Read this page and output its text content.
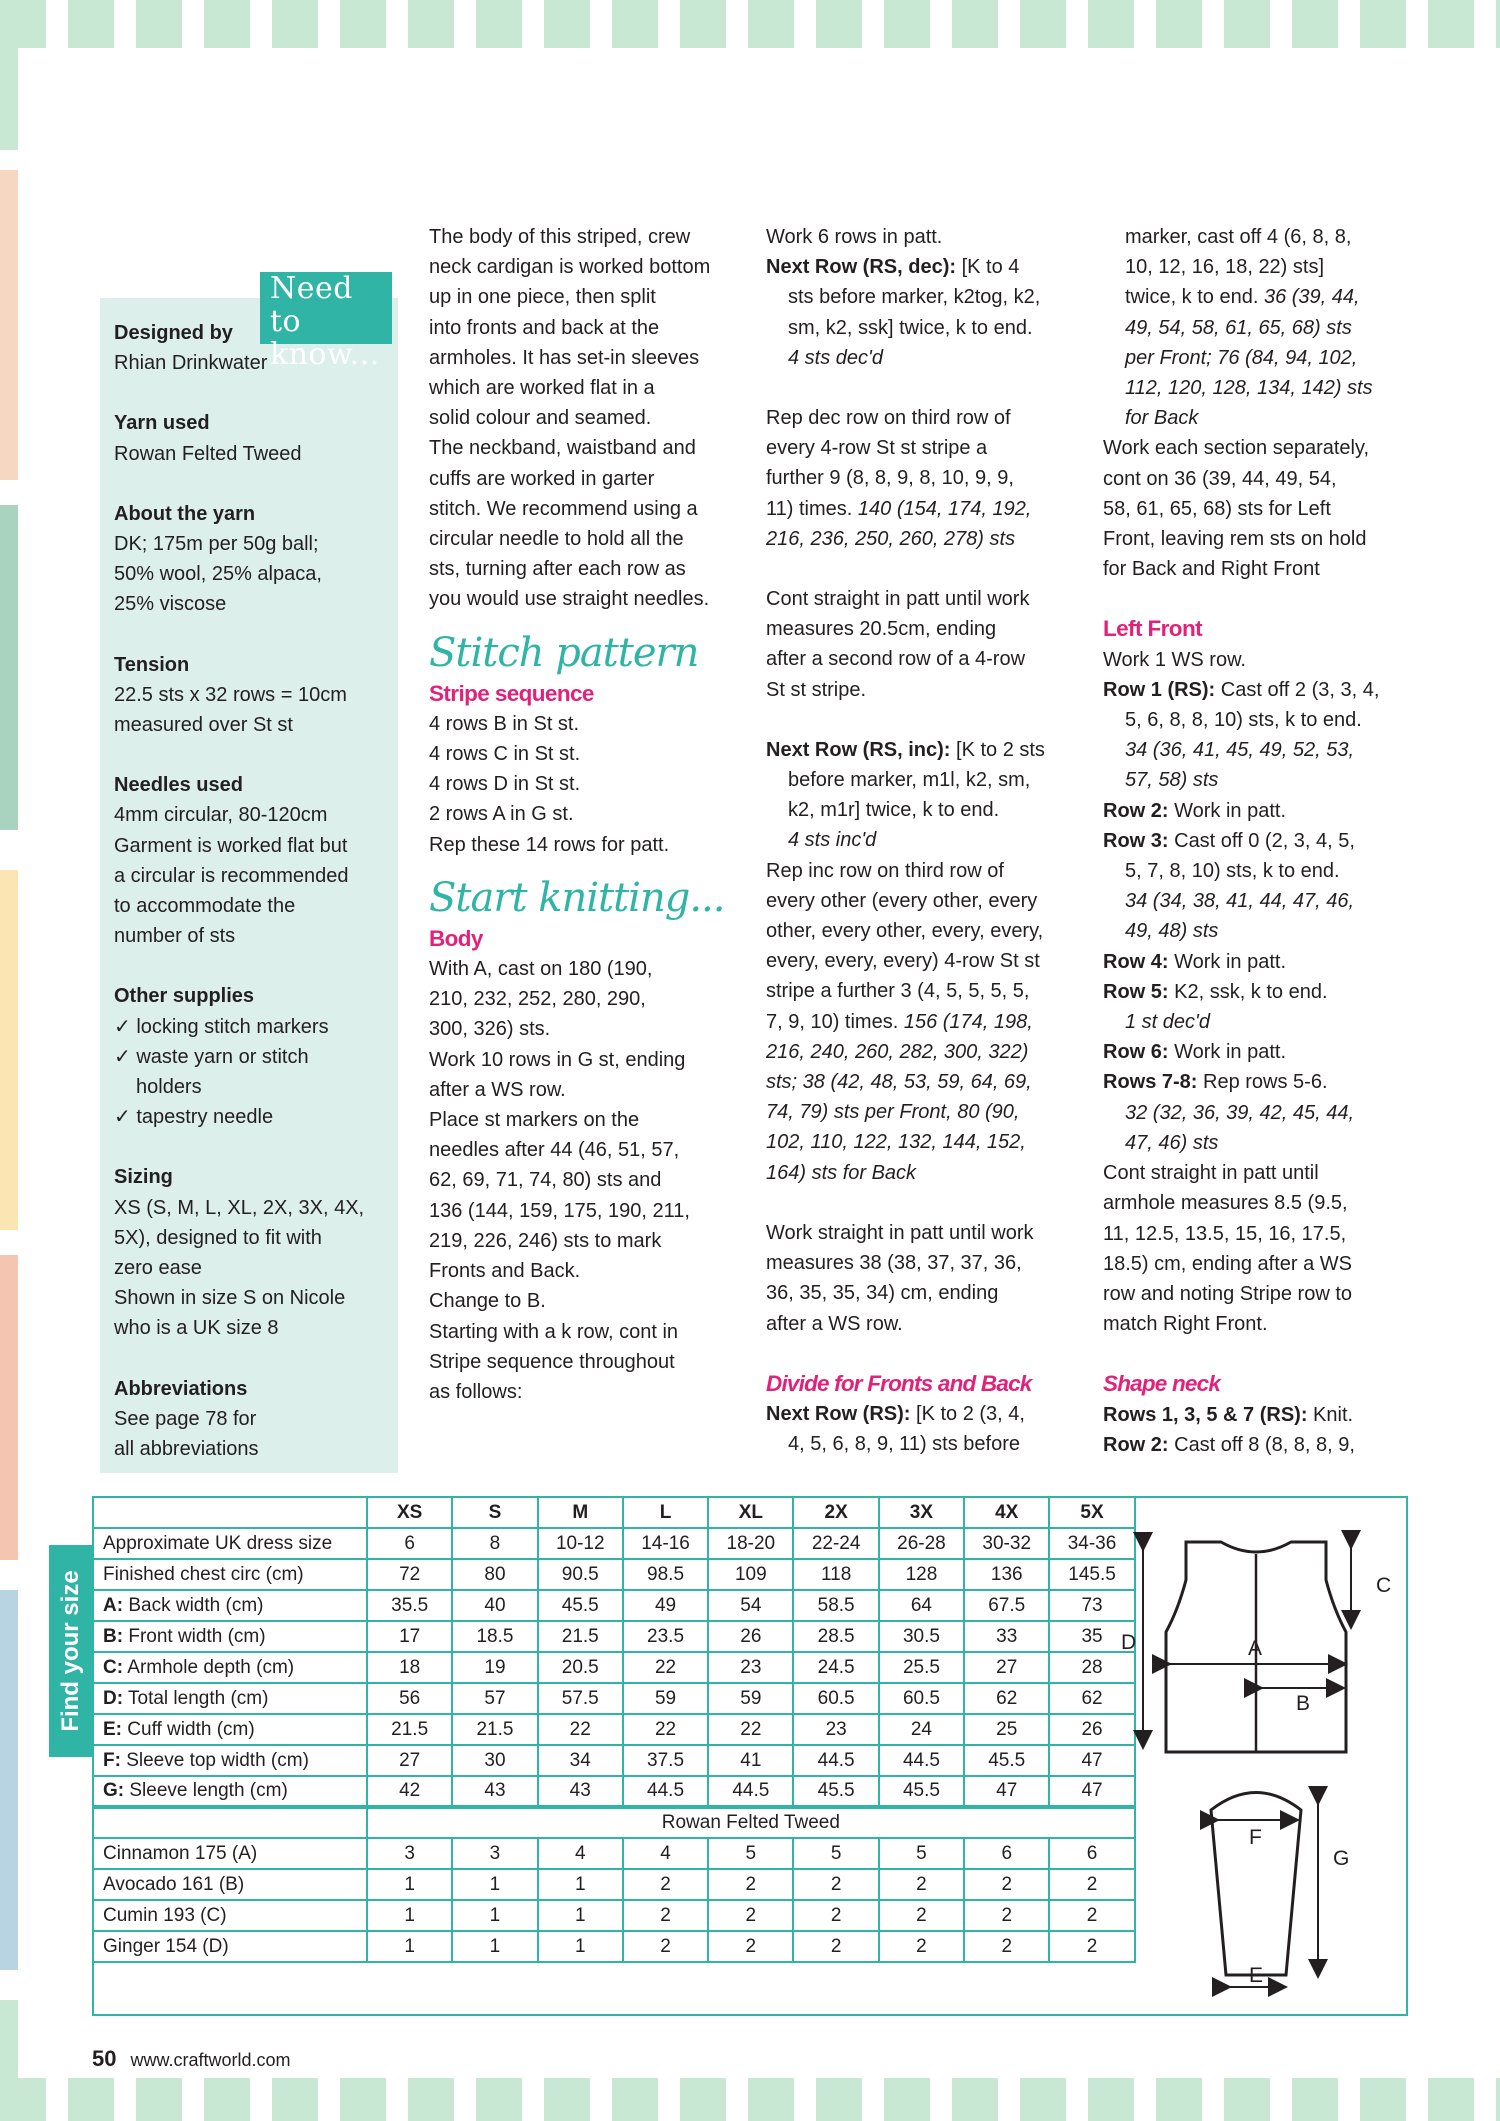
Designed by
Rhian Drinkwater
Yarn used
Rowan Felted Tweed
About the yarn
DK; 175m per 50g ball;
50% wool, 25% alpaca,
25% viscose
Tension
22.5 sts x 32 rows = 10cm
measured over St st
Needles used
4mm circular, 80-120cm
Garment is worked flat but
a circular is recommended
to accommodate the
number of sts
Other supplies
✓ locking stitch markers
✓ waste yarn or stitch holders
✓ tapestry needle
Sizing
XS (S, M, L, XL, 2X, 3X, 4X,
5X), designed to fit with
zero ease
Shown in size S on Nicole
who is a UK size 8
Abbreviations
See page 78 for
all abbreviations
Need to
know...

The body of this striped, crew

neck cardigan is worked bottom

up in one piece, then split

into fronts and back at the

armholes. It has set-in sleeves

which are worked flat in a

solid colour and seamed.

The neckband, waistband and

cuffs are worked in garter

stitch. We recommend using a

circular needle to hold all the

sts, turning after each row as

you would use straight needles.

Stitch pattern

Stripe sequence

4 rows B in St st.

4 rows C in St st.

4 rows D in St st.

2 rows A in G st.

Rep these 14 rows for patt.

Start knitting...

Body

With A, cast on 180 (190,

210, 232, 252, 280, 290,

300, 326) sts.

Work 10 rows in G st, ending

after a WS row.

Place st markers on the

needles after 44 (46, 51, 57,

62, 69, 71, 74, 80) sts and

136 (144, 159, 175, 190, 211,

219, 226, 246) sts to mark

Fronts and Back.

Change to B.

Starting with a k row, cont in

Stripe sequence throughout

as follows:

Work 6 rows in patt.

Next Row (RS, dec): [K to 4

sts before marker, k2tog, k2,

sm, k2, ssk] twice, k to end.

4 sts dec'd

Rep dec row on third row of

every 4-row St st stripe a

further 9 (8, 8, 9, 8, 10, 9, 9,

11) times. 140 (154, 174, 192,

216, 236, 250, 260, 278) sts

Cont straight in patt until work

measures 20.5cm, ending

after a second row of a 4-row

St st stripe.

Next Row (RS, inc): [K to 2 sts

before marker, m1l, k2, sm,

k2, m1r] twice, k to end.

4 sts inc'd

Rep inc row on third row of

every other (every other, every

other, every other, every, every,

every, every, every) 4-row St st

stripe a further 3 (4, 5, 5, 5, 5,

7, 9, 10) times. 156 (174, 198,

216, 240, 260, 282, 300, 322)

sts; 38 (42, 48, 53, 59, 64, 69,

74, 79) sts per Front, 80 (90,

102, 110, 122, 132, 144, 152,

164) sts for Back

Work straight in patt until work

measures 38 (38, 37, 37, 36,

36, 35, 35, 34) cm, ending

after a WS row.

Divide for Fronts and Back

Next Row (RS): [K to 2 (3, 4,

4, 5, 6, 8, 9, 11) sts before

marker, cast off 4 (6, 8, 8,

10, 12, 16, 18, 22) sts]

twice, k to end. 36 (39, 44,

49, 54, 58, 61, 65, 68) sts

per Front; 76 (84, 94, 102,

112, 120, 128, 134, 142) sts

for Back

Work each section separately,

cont on 36 (39, 44, 49, 54,

58, 61, 65, 68) sts for Left

Front, leaving rem sts on hold

for Back and Right Front

Left Front

Work 1 WS row.

Row 1 (RS): Cast off 2 (3, 3, 4,

5, 6, 8, 8, 10) sts, k to end.

34 (36, 41, 45, 49, 52, 53,

57, 58) sts

Row 2: Work in patt.

Row 3: Cast off 0 (2, 3, 4, 5,

5, 7, 8, 10) sts, k to end.

34 (34, 38, 41, 44, 47, 46,

49, 48) sts

Row 4: Work in patt.

Row 5: K2, ssk, k to end.

1 st dec'd

Row 6: Work in patt.

Rows 7-8: Rep rows 5-6.

32 (32, 36, 39, 42, 45, 44,

47, 46) sts

Cont straight in patt until

armhole measures 8.5 (9.5,

11, 12.5, 13.5, 15, 16, 17.5,

18.5) cm, ending after a WS

row and noting Stripe row to

match Right Front.

Shape neck

Rows 1, 3, 5 & 7 (RS): Knit.

Row 2: Cast off 8 (8, 8, 8, 9,

Find your size
	XS	S	M	L	XL	2X	3X	4X	5X
Approximate UK dress size	6	8	10-12	14-16	18-20	22-24	26-28	30-32	34-36
Finished chest circ (cm)	72	80	90.5	98.5	109	118	128	136	145.5
A: Back width (cm)	35.5	40	45.5	49	54	58.5	64	67.5	73
B: Front width (cm)	17	18.5	21.5	23.5	26	28.5	30.5	33	35
C: Armhole depth (cm)	18	19	20.5	22	23	24.5	25.5	27	28
D: Total length (cm)	56	57	57.5	59	59	60.5	60.5	62	62
E: Cuff width (cm)	21.5	21.5	22	22	22	23	24	25	26
F: Sleeve top width (cm)	27	30	34	37.5	41	44.5	44.5	45.5	47
G: Sleeve length (cm)	42	43	43	44.5	44.5	45.5	45.5	47	47
	Rowan Felted Tweed								
Cinnamon 175 (A)	3	3	4	4	5	5	5	6	6
Avocado 161 (B)	1	1	1	2	2	2	2	2	2
Cumin 193 (C)	1	1	1	2	2	2	2	2	2
Ginger 154 (D)	1	1	1	2	2	2	2	2	2
D	A
B
C
F
G
E
50 www.craftworld.com
